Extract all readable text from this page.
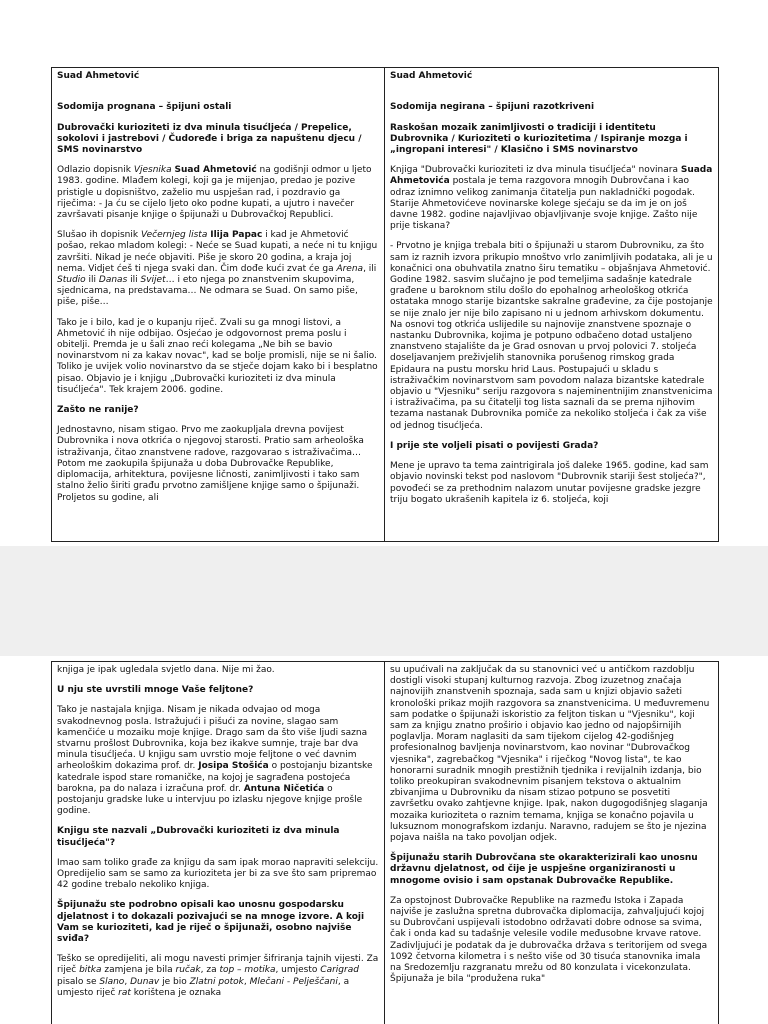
Suad Ahmetović

Sodomija prognana – špijuni ostali

Dubrovački kurioziteti iz dva minula tisućljeća / Prepelice, sokolovi i jastrebovi / Čudoređe i briga za napuštenu djecu / SMS novinarstvo

Odlazio dopisnik Vjesnika Suad Ahmetović na godišnji odmor u ljeto 1983. godine. Mlađem kolegi, koji ga je mijenjao, predao je pozive pristigle u dopisništvo, zaželio mu uspješan rad, i pozdravio ga riječima: - Ja ću se cijelo ljeto oko podne kupati, a ujutro i navečer završavati pisanje knjige o špijunaži u Dubrovačkoj Republici.

Slušao ih dopisnik Večernjeg lista Ilija Papac i kad je Ahmetović pošao, rekao mladom kolegi: - Neće se Suad kupati, a neće ni tu knjigu završiti. Nikad je neće objaviti. Piše je skoro 20 godina, a kraja joj nema. Vidjet ćeš ti njega svaki dan. Čim dođe kući zvat će ga Arena, ili Studio ili Danas ili Svijet… i eto njega po znanstvenim skupovima, sjednicama, na predstavama… Ne odmara se Suad. On samo piše, piše, piše…

Tako je i bilo, kad je o kupanju riječ. Zvali su ga mnogi listovi, a Ahmetović ih nije odbijao. Osjećao je odgovornost prema poslu i obitelji. Premda je u šali znao reći kolegama „Ne bih se bavio novinarstvom ni za kakav novac", kad se bolje promisli, nije se ni šalio. Toliko je uvijek volio novinarstvo da se stječe dojam kako bi i besplatno pisao. Objavio je i knjigu „Dubrovački kurioziteti iz dva minula tisućljeća". Tek krajem 2006. godine.

Zašto ne ranije?

Jednostavno, nisam stigao. Prvo me zaokupljala drevna povijest Dubrovnika i nova otkrića o njegovoj starosti. Pratio sam arheološka istraživanja, čitao znanstvene radove, razgovarao s istraživačima… Potom me zaokupila špijunaža u doba Dubrovačke Republike, diplomacija, arhitektura, povijesne ličnosti, zanimljivosti i tako sam stalno želio širiti građu prvotno zamišljene knjige samo o špijunaži. Proljetos su godine, ali

Suad Ahmetović

Sodomija negirana – špijuni razotkriveni

Raskošan mozaik zanimljivosti o tradiciji i identitetu Dubrovnika / Kurioziteti o kuriozitetima / Ispiranje mozga i „ingropani interesi" / Klasično i SMS novinarstvo

Knjiga "Dubrovački kurioziteti iz dva minula tisućljeća" novinara Suada Ahmetovića postala je tema razgovora mnogih Dubrovčana i kao odraz iznimno velikog zanimanja čitatelja pun nakladnički pogodak. Starije Ahmetovićeve novinarske kolege sjećaju se da im je on još davne 1982. godine najavljivao objavljivanje svoje knjige. Zašto nije prije tiskana?

- Prvotno je knjiga trebala biti o špijunaži u starom Dubrovniku, za što sam iz raznih izvora prikupio mnoštvo vrlo zanimljivih podataka, ali je u konačnici ona obuhvatila znatno širu tematiku – objašnjava Ahmetović. Godine 1982. sasvim slučajno je pod temeljima sadašnje katedrale građene u baroknom stilu došlo do epohalnog arheološkog otkrića ostataka mnogo starije bizantske sakralne građevine, za čije postojanje se nije znalo jer nije bilo zapisano ni u jednom arhivskom dokumentu. Na osnovi tog otkrića uslijedile su najnovije znanstvene spoznaje o nastanku Dubrovnika, kojima je potpuno odbačeno dotad ustaljeno znanstveno stajalište da je Grad osnovan u prvoj polovici 7. stoljeća doseljavanjem preživjelih stanovnika porušenog rimskog grada Epidaura na pustu morsku hrid Laus. Postupajući u skladu s istraživačkim novinarstvom sam povodom nalaza bizantske katedrale objavio u "Vjesniku" seriju razgovora s najeminentnijim znanstvenicima i istraživačima, pa su čitatelji tog lista saznali da se prema njihovim tezama nastanak Dubrovnika pomiče za nekoliko stoljeća i čak za više od jednog tisućljeća.

I prije ste voljeli pisati o povijesti Grada?

Mene je upravo ta tema zaintrigirala još daleke 1965. godine, kad sam objavio novinski tekst pod naslovom "Dubrovnik stariji šest stoljeća?", povođeći se za prethodnim nalazom unutar povijesne gradske jezgre triju bogato ukrašenih kapitela iz 6. stoljeća, koji

knjiga je ipak ugledala svjetlo dana. Nije mi žao.

U nju ste uvrstili mnoge Vaše feljtone?

Tako je nastajala knjiga. Nisam je nikada odvajao od moga svakodnevnog posla. Istražujući i pišući za novine, slagao sam kamenčiće u mozaiku moje knjige. Drago sam da što više ljudi sazna stvarnu prošlost Dubrovnika, koja bez ikakve sumnje, traje bar dva minula tisućljeća. U knjigu sam uvrstio moje feljtone o već davnim arheološkim dokazima prof. dr. Josipa Stošića o postojanju bizantske katedrale ispod stare romaničke, na kojoj je sagrađena postojeća barokna, pa do nalaza i izračuna prof. dr. Antuna Ničetića o postojanju gradske luke u intervjuu po izlasku njegove knjige prošle godine.

Knjigu ste nazvali „Dubrovački kurioziteti iz dva minula tisućljeća"?

Imao sam toliko građe za knjigu da sam ipak morao napraviti selekciju. Opredijelio sam se samo za kurioziteta jer bi za sve što sam pripremao 42 godine trebalo nekoliko knjiga.

Špijunažu ste podrobno opisali kao unosnu gospodarsku djelatnost i to dokazali pozivajući se na mnoge izvore. A koji Vam se kurioziteti, kad je riječ o špijunaži, osobno najviše sviđa?

Teško se opredijeliti, ali mogu navesti primjer šifriranja tajnih vijesti. Za riječ bitka zamjena je bila ručak, za top – motika, umjesto Carigrad pisalo se Slano, Dunav je bio Zlatni potok, Mlečani - Pelješčani, a umjesto riječ rat korištena je oznaka

su upućivali na zaključak da su stanovnici već u antičkom razdoblju dostigli visoki stupanj kulturnog razvoja. Zbog izuzetnog značaja najnovijih znanstvenih spoznaja, sada sam u knjizi objavio sažeti kronološki prikaz mojih razgovora sa znanstvenicima. U međuvremenu sam podatke o špijunaži iskoristio za feljton tiskan u "Vjesniku", koji sam za knjigu znatno proširio i objavio kao jedno od najopširnijih poglavlja. Moram naglasiti da sam tijekom cijelog 42-godišnjeg profesionalnog bavljenja novinarstvom, kao novinar "Dubrovačkog vjesnika", zagrebačkog "Vjesnika" i riječkog "Novog lista", te kao honorarni suradnik mnogih prestižnih tjednika i revijalnih izdanja, bio toliko preokupiran svakodnevnim pisanjem tekstova o aktualnim zbivanjima u Dubrovniku da nisam stizao potpuno se posvetiti završetku ovako zahtjevne knjige. Ipak, nakon dugogodišnjeg slaganja mozaika kurioziteta o raznim temama, knjiga se konačno pojavila u luksuznom monografskom izdanju. Naravno, radujem se što je njezina pojava naišla na tako povoljan odjek.

Špijunažu starih Dubrovčana ste okarakterizirali kao unosnu državnu djelatnost, od čije je uspješne organiziranosti u mnogome ovisio i sam opstanak Dubrovačke Republike.

Za opstojnost Dubrovačke Republike na razmeđu Istoka i Zapada najviše je zaslužna spretna dubrovačka diplomacija, zahvaljujući kojoj su Dubrovčani uspijevali istodobno održavati dobre odnose sa svima, čak i onda kad su tadašnje velesile vodile međusobne krvave ratove. Zadivljujući je podatak da je dubrovačka država s teritorijem od svega 1092 četvorna kilometra i s nešto više od 30 tisuća stanovnika imala na Sredozemlju razgranatu mrežu od 80 konzulata i vicekonzulata. Špijunaža je bila "produžena ruka"
